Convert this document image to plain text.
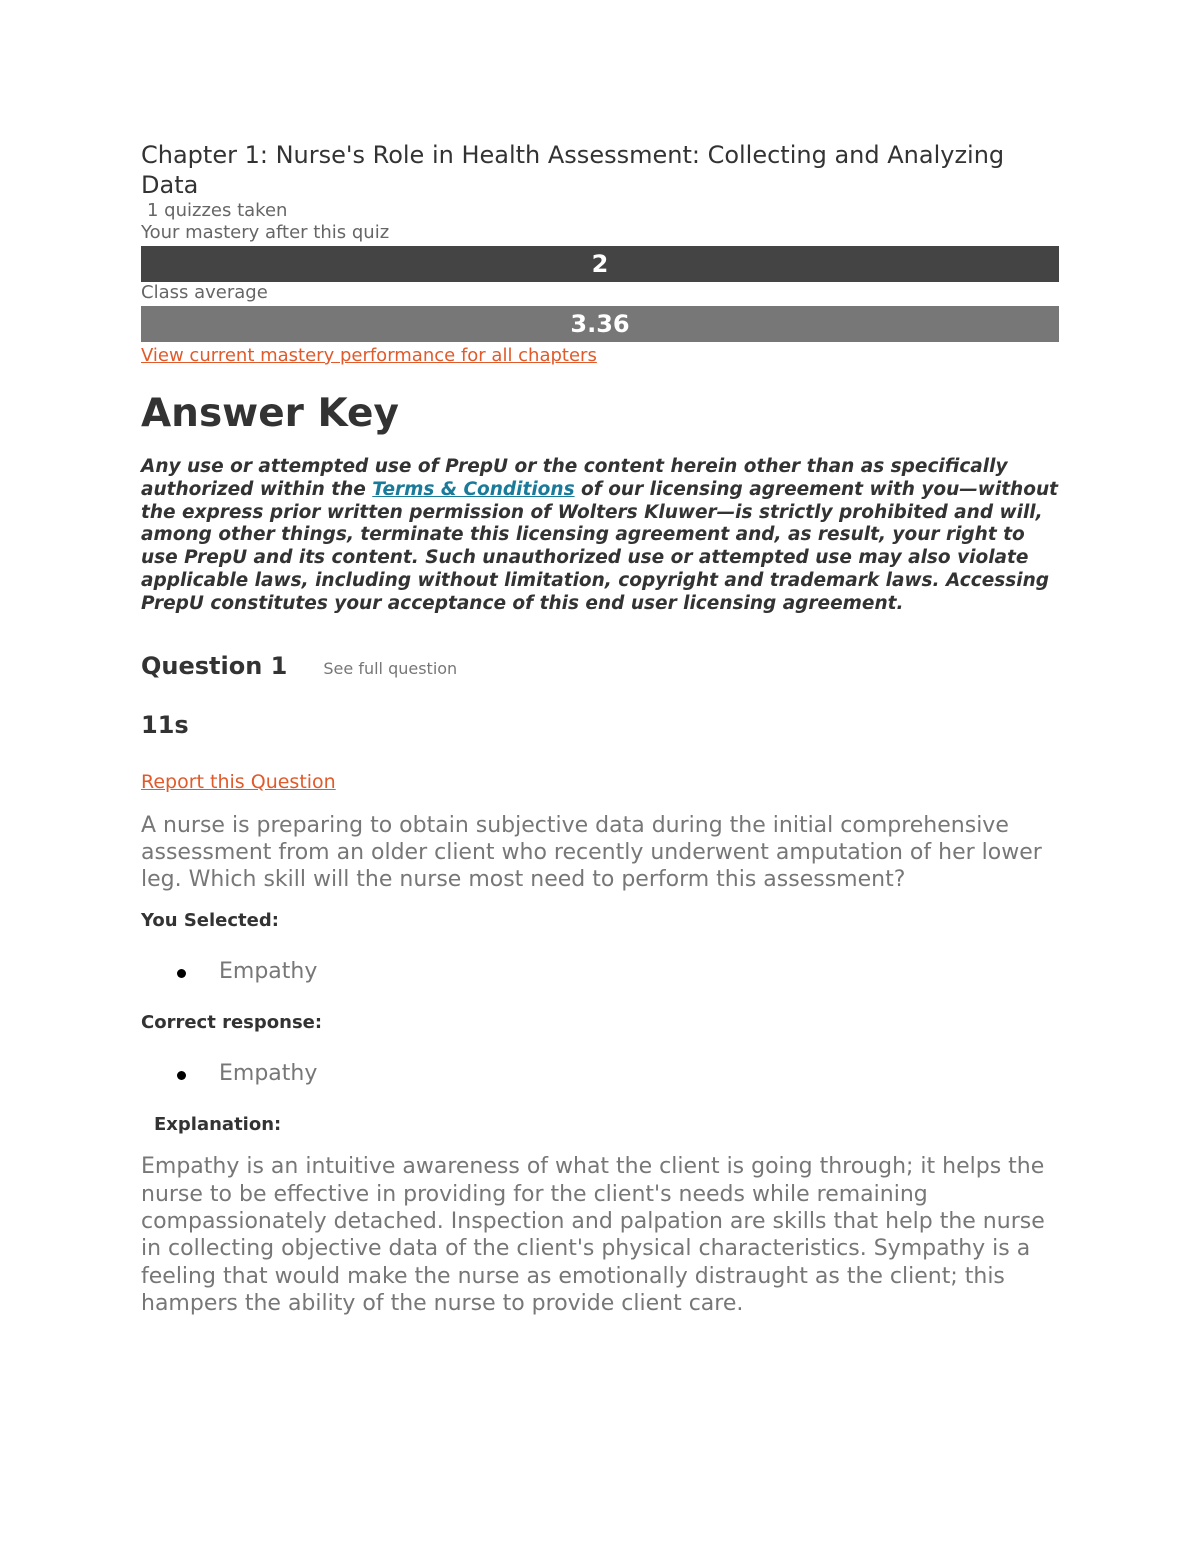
Chapter 1: Nurse's Role in Health Assessment: Collecting and Analyzing Data
1 quizzes taken
Your mastery after this quiz
2
Class average
3.36
View current mastery performance for all chapters
Answer Key

Any use or attempted use of PrepU or the content herein other than as specifically authorized within the Terms & Conditions of our licensing agreement with you—without the express prior written permission of Wolters Kluwer—is strictly prohibited and will, among other things, terminate this licensing agreement and, as result, your right to use PrepU and its content. Such unauthorized use or attempted use may also violate applicable laws, including without limitation, copyright and trademark laws. Accessing PrepU constitutes your acceptance of this end user licensing agreement.

Question 1 See full question
11s
Report this Question
A nurse is preparing to obtain subjective data during the initial comprehensive assessment from an older client who recently underwent amputation of her lower leg. Which skill will the nurse most need to perform this assessment?
You Selected:
Empathy
Correct response:
Empathy
Explanation:
Empathy is an intuitive awareness of what the client is going through; it helps the nurse to be effective in providing for the client's needs while remaining compassionately detached. Inspection and palpation are skills that help the nurse in collecting objective data of the client's physical characteristics. Sympathy is a feeling that would make the nurse as emotionally distraught as the client; this hampers the ability of the nurse to provide client care.
